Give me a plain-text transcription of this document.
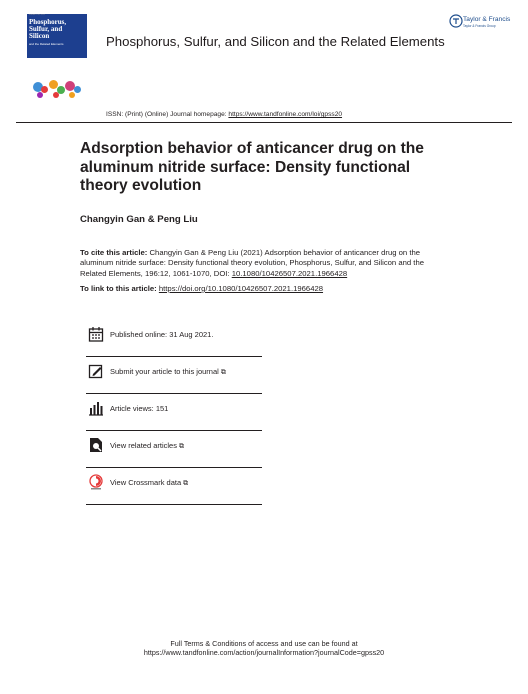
Volume 196, 2021
Phosphorus,
Sulfur, and
Silicon
and the Related Elements	Phosphorus, Sulfur, and Silicon and the Related Elements
Taylor & Francis
Taylor & Francis Group
ISSN: (Print) (Online) Journal homepage: https://www.tandfonline.com/loi/gpss20
Adsorption behavior of anticancer drug on the aluminum nitride surface: Density functional theory evolution
Changyin Gan & Peng Liu
To cite this article: Changyin Gan & Peng Liu (2021) Adsorption behavior of anticancer drug on the aluminum nitride surface: Density functional theory evolution, Phosphorus, Sulfur, and Silicon and the Related Elements, 196:12, 1061-1070, DOI: 10.1080/10426507.2021.1966428
To link to this article: https://doi.org/10.1080/10426507.2021.1966428
Published online: 31 Aug 2021.
Submit your article to this journal ⧉
Article views: 151
View related articles ⧉
View Crossmark data ⧉
Full Terms & Conditions of access and use can be found at
https://www.tandfonline.com/action/journalInformation?journalCode=gpss20
